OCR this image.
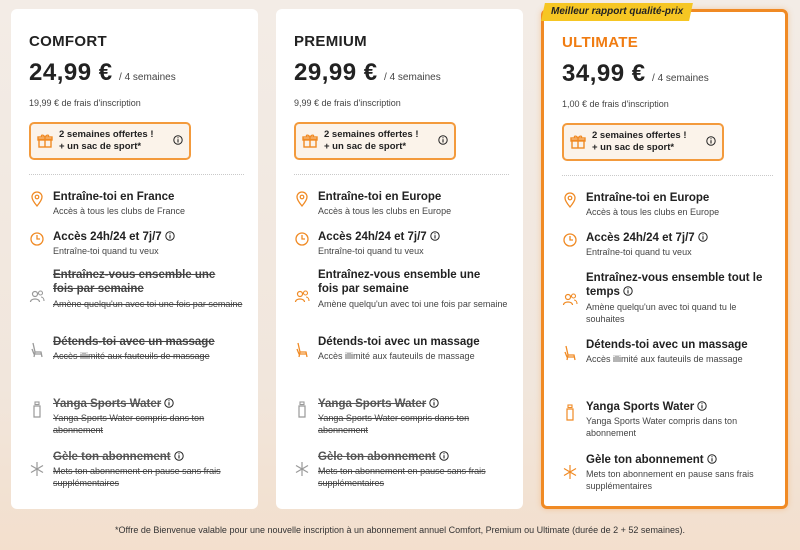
COMFORT
24,99 € / 4 semaines
19,99 € de frais d'inscription
2 semaines offertes !
+ un sac de sport*
Entraîne-toi en France
Accès à tous les clubs de France
Accès 24h/24 et 7j/7
Entraîne-toi quand tu veux
Entraînez-vous ensemble une fois par semaine
Amène quelqu'un avec toi une fois par semaine
Détends-toi avec un massage
Accès illimité aux fauteuils de massage
Yanga Sports Water
Yanga Sports Water compris dans ton abonnement
Gèle ton abonnement
Mets ton abonnement en pause sans frais supplémentaires
PREMIUM
29,99 € / 4 semaines
9,99 € de frais d'inscription
2 semaines offertes !
+ un sac de sport*
Entraîne-toi en Europe
Accès à tous les clubs en Europe
Accès 24h/24 et 7j/7
Entraîne-toi quand tu veux
Entraînez-vous ensemble une fois par semaine
Amène quelqu'un avec toi une fois par semaine
Détends-toi avec un massage
Accès illimité aux fauteuils de massage
Yanga Sports Water
Yanga Sports Water compris dans ton abonnement
Gèle ton abonnement
Mets ton abonnement en pause sans frais supplémentaires
Meilleur rapport qualité-prix
ULTIMATE
34,99 € / 4 semaines
1,00 € de frais d'inscription
2 semaines offertes !
+ un sac de sport*
Entraîne-toi en Europe
Accès à tous les clubs en Europe
Accès 24h/24 et 7j/7
Entraîne-toi quand tu veux
Entraînez-vous ensemble tout le temps
Amène quelqu'un avec toi quand tu le souhaites
Détends-toi avec un massage
Accès illimité aux fauteuils de massage
Yanga Sports Water
Yanga Sports Water compris dans ton abonnement
Gèle ton abonnement
Mets ton abonnement en pause sans frais supplémentaires
*Offre de Bienvenue valable pour une nouvelle inscription à un abonnement annuel Comfort, Premium ou Ultimate (durée de 2 + 52 semaines).
